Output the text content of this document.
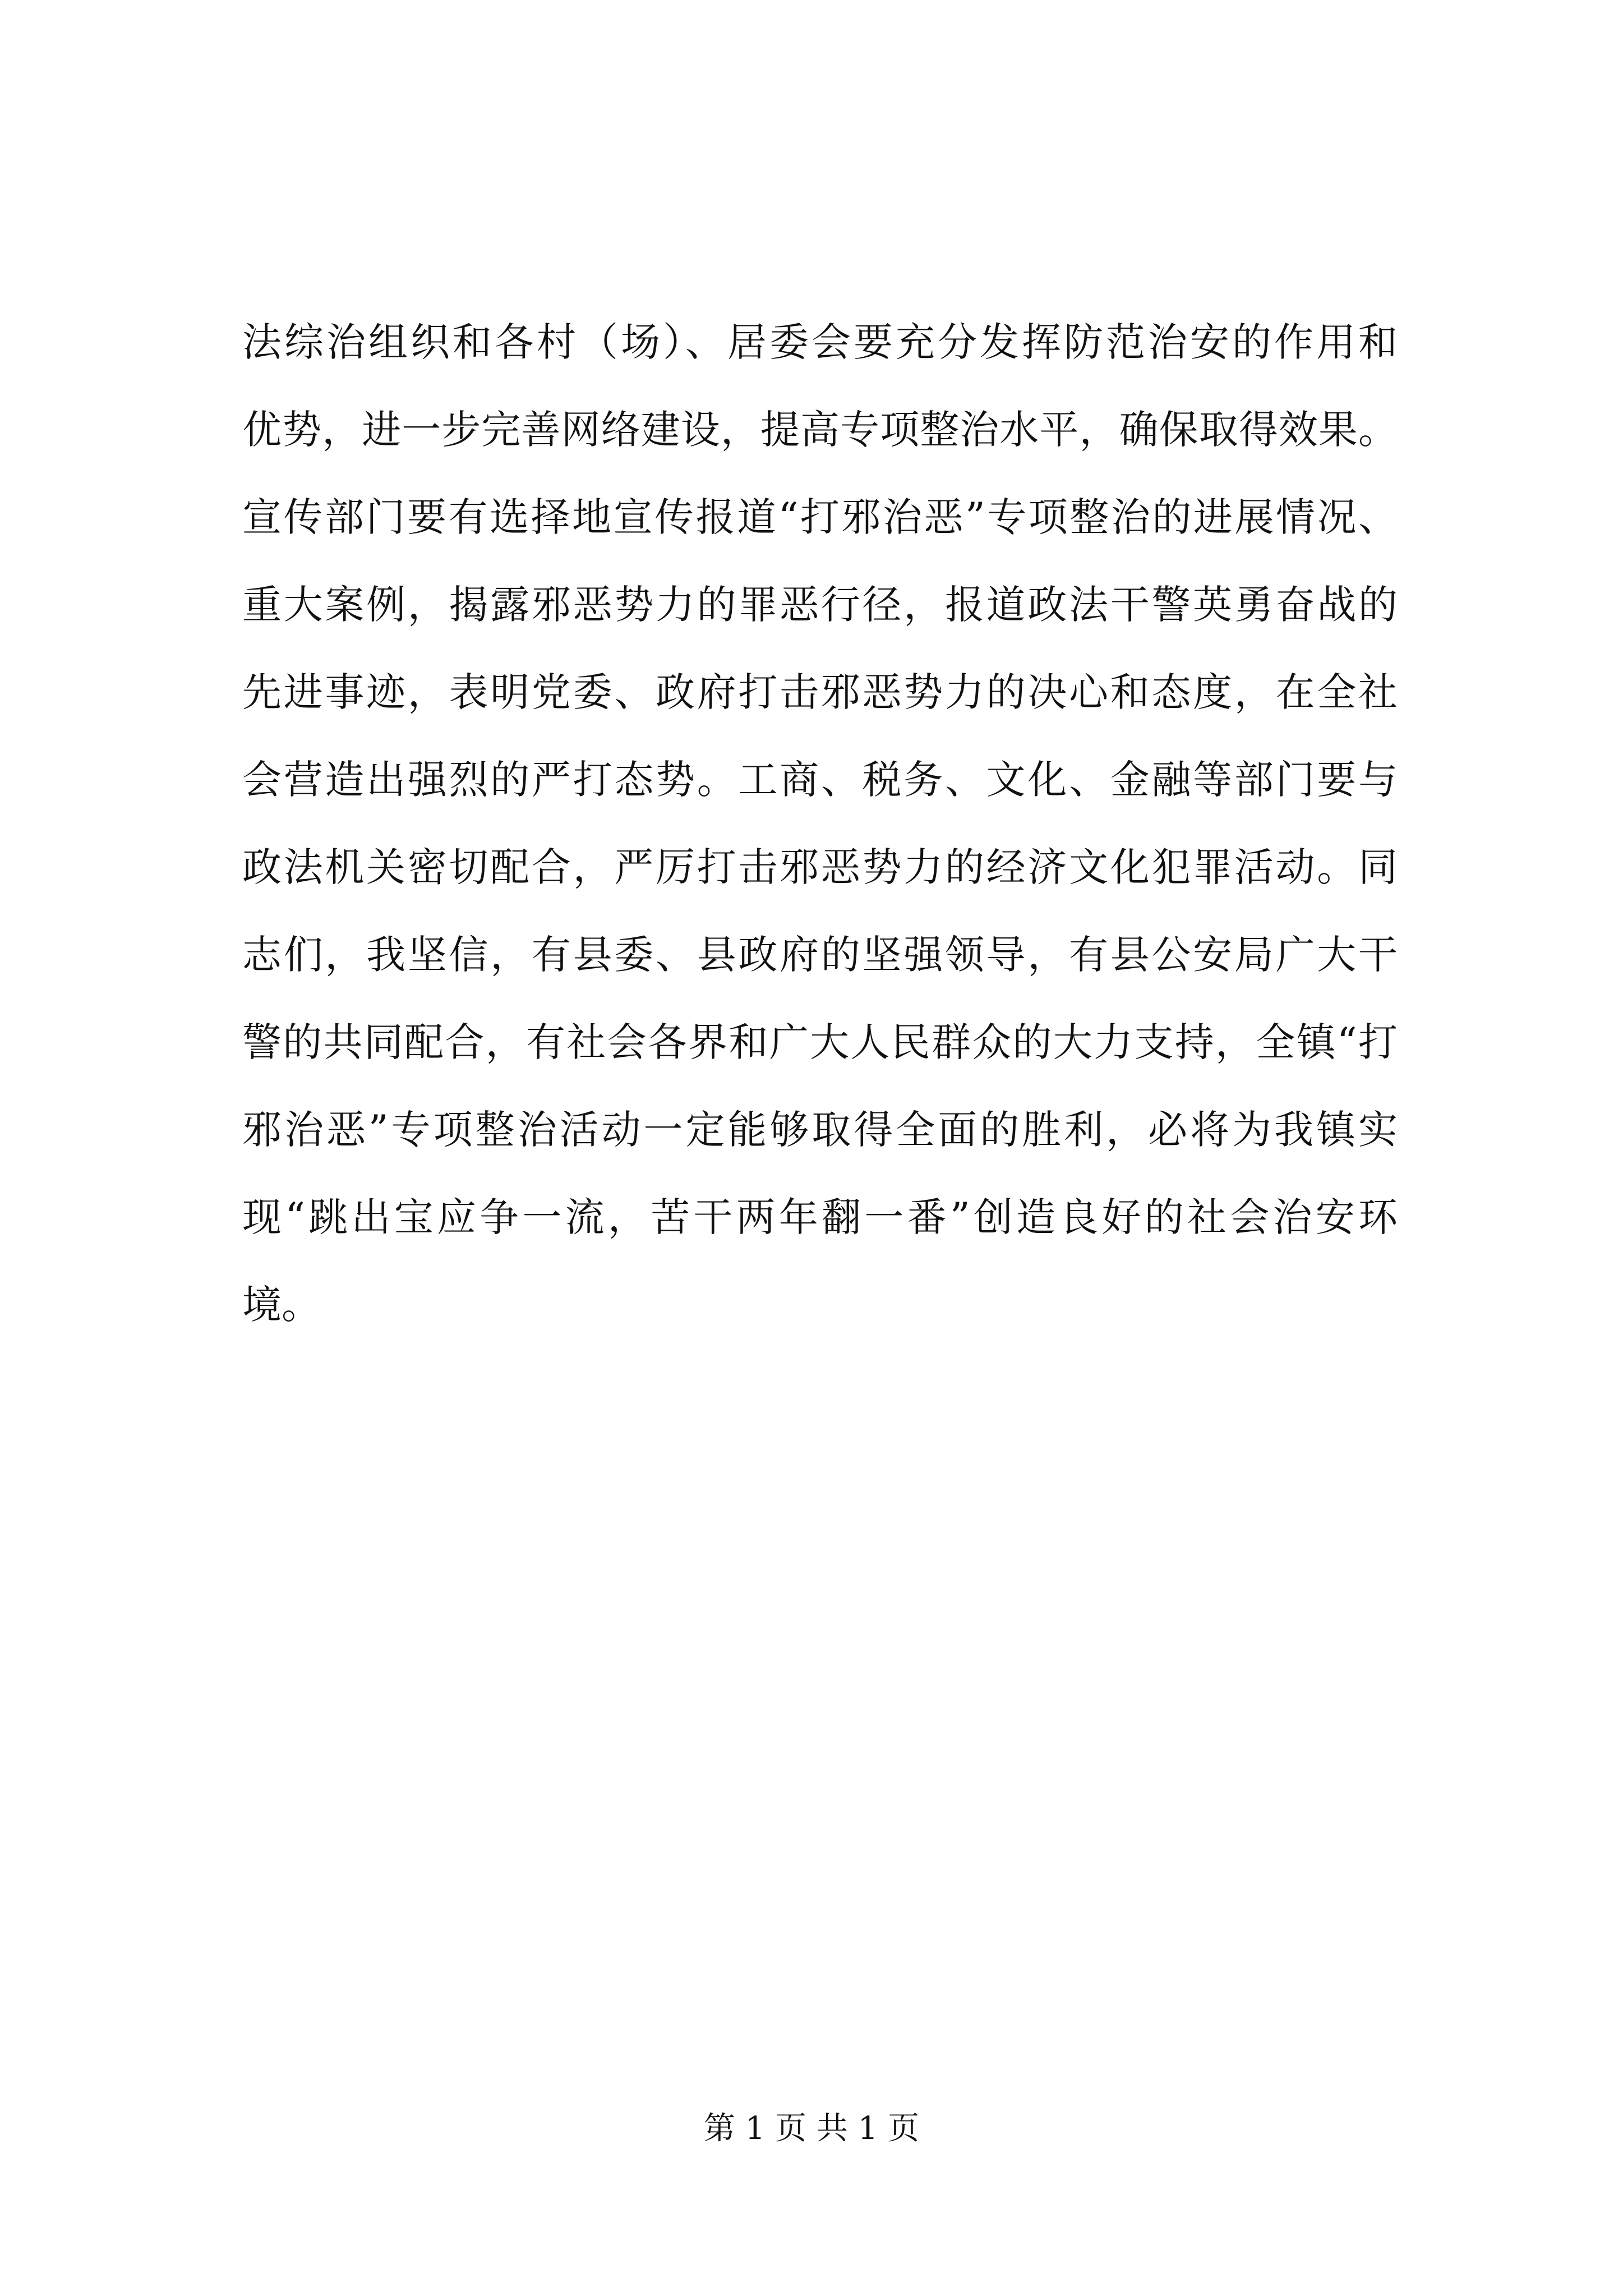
法综治组织和各村（场）、居委会要充分发挥防范治安的作用和
优势，进一步完善网络建设，提高专项整治水平，确保取得效果。
宣传部门要有选择地宣传报道“打邪治恶”专项整治的进展情况、
重大案例，揭露邪恶势力的罪恶行径，报道政法干警英勇奋战的
先进事迹，表明党委、政府打击邪恶势力的决心和态度，在全社
会营造出强烈的严打态势。工商、税务、文化、金融等部门要与
政法机关密切配合，严厉打击邪恶势力的经济文化犯罪活动。同
志们，我坚信，有县委、县政府的坚强领导，有县公安局广大干
警的共同配合，有社会各界和广大人民群众的大力支持，全镇“打
邪治恶”专项整治活动一定能够取得全面的胜利，必将为我镇实
现“跳出宝应争一流，苦干两年翻一番”创造良好的社会治安环
境。
第 1 页 共 1 页
